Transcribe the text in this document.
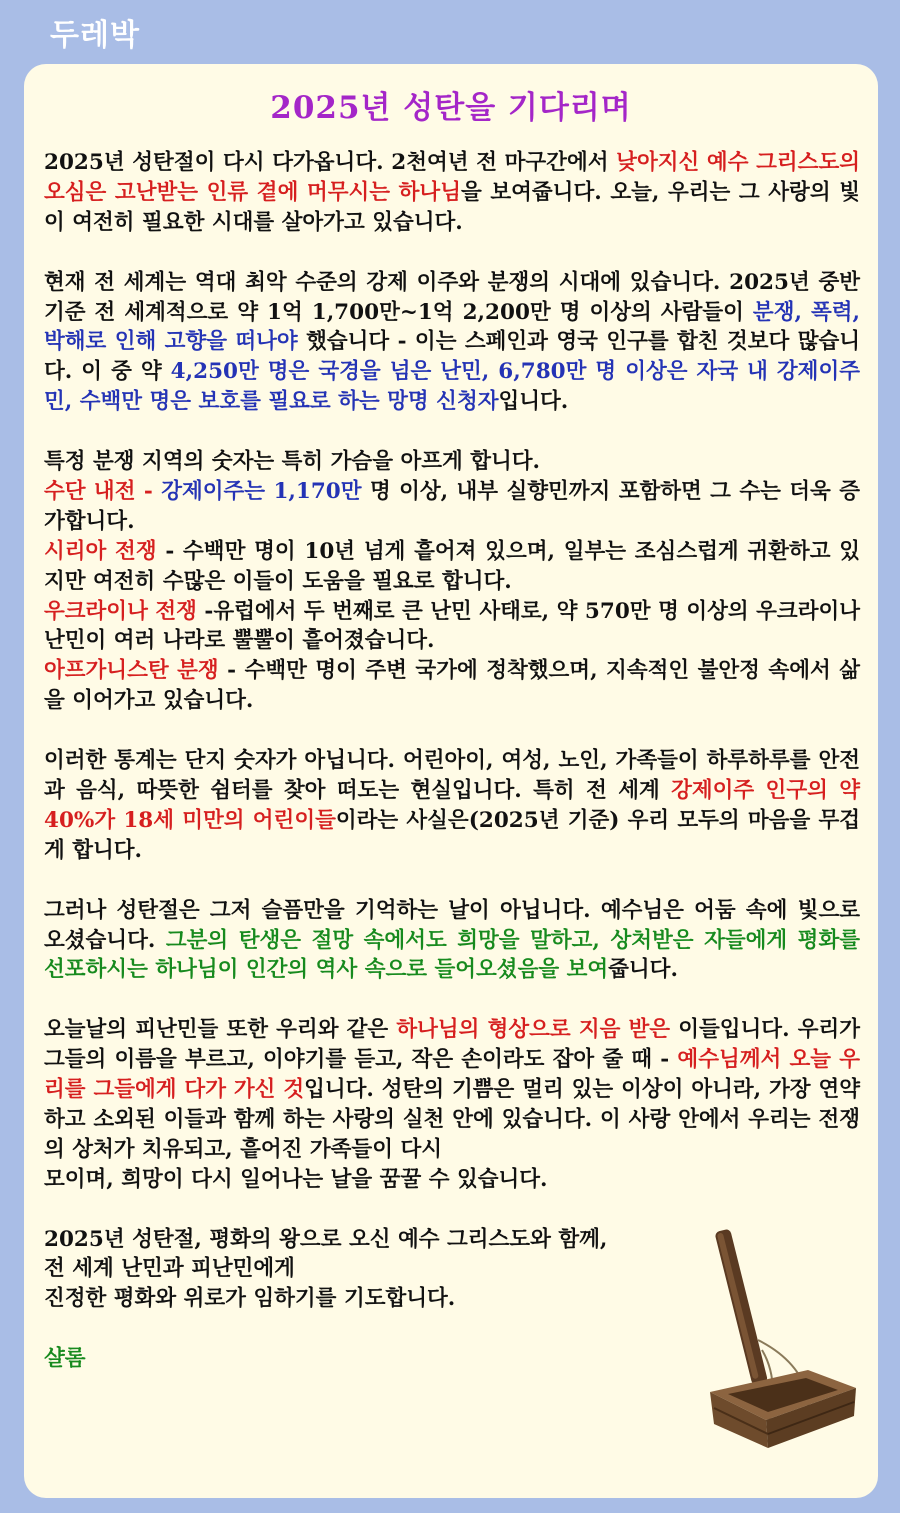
두레박
2025년 성탄을 기다리며

2025년 성탄절이 다시 다가옵니다. 2천여년 전 마구간에서 낮아지신 예수 그리스도의 오심은 고난받는 인류 곁에 머무시는 하나님을 보여줍니다. 오늘, 우리는 그 사랑의 빛이 여전히 필요한 시대를 살아가고 있습니다.

현재 전 세계는 역대 최악 수준의 강제 이주와 분쟁의 시대에 있습니다. 2025년 중반 기준 전 세계적으로 약 1억 1,700만~1억 2,200만 명 이상의 사람들이 분쟁, 폭력, 박해로 인해 고향을 떠나야 했습니다 - 이는 스페인과 영국 인구를 합친 것보다 많습니다. 이 중 약 4,250만 명은 국경을 넘은 난민, 6,780만 명 이상은 자국 내 강제이주민, 수백만 명은 보호를 필요로 하는 망명 신청자입니다.

특정 분쟁 지역의 숫자는 특히 가슴을 아프게 합니다.

수단 내전 - 강제이주는 1,170만 명 이상, 내부 실향민까지 포함하면 그 수는 더욱 증가합니다.

시리아 전쟁 - 수백만 명이 10년 넘게 흩어져 있으며, 일부는 조심스럽게 귀환하고 있지만 여전히 수많은 이들이 도움을 필요로 합니다.

우크라이나 전쟁 -유럽에서 두 번째로 큰 난민 사태로, 약 570만 명 이상의 우크라이나 난민이 여러 나라로 뿔뿔이 흩어졌습니다.

아프가니스탄 분쟁 - 수백만 명이 주변 국가에 정착했으며, 지속적인 불안정 속에서 삶을 이어가고 있습니다.

이러한 통계는 단지 숫자가 아닙니다. 어린아이, 여성, 노인, 가족들이 하루하루를 안전과 음식, 따뜻한 쉼터를 찾아 떠도는 현실입니다. 특히 전 세계 강제이주 인구의 약 40%가 18세 미만의 어린이들이라는 사실은(2025년 기준) 우리 모두의 마음을 무겁게 합니다.

그러나 성탄절은 그저 슬픔만을 기억하는 날이 아닙니다. 예수님은 어둠 속에 빛으로 오셨습니다. 그분의 탄생은 절망 속에서도 희망을 말하고, 상처받은 자들에게 평화를 선포하시는 하나님이 인간의 역사 속으로 들어오셨음을 보여줍니다.

오늘날의 피난민들 또한 우리와 같은 하나님의 형상으로 지음 받은 이들입니다. 우리가 그들의 이름을 부르고, 이야기를 듣고, 작은 손이라도 잡아 줄 때 - 예수님께서 오늘 우리를 그들에게 다가 가신 것입니다. 성탄의 기쁨은 멀리 있는 이상이 아니라, 가장 연약하고 소외된 이들과 함께 하는 사랑의 실천 안에 있습니다. 이 사랑 안에서 우리는 전쟁의 상처가 치유되고, 흩어진 가족들이 다시

모이며, 희망이 다시 일어나는 날을 꿈꿀 수 있습니다.

2025년 성탄절, 평화의 왕으로 오신 예수 그리스도와 함께,

전 세계 난민과 피난민에게

진정한 평화와 위로가 임하기를 기도합니다.

샬롬
